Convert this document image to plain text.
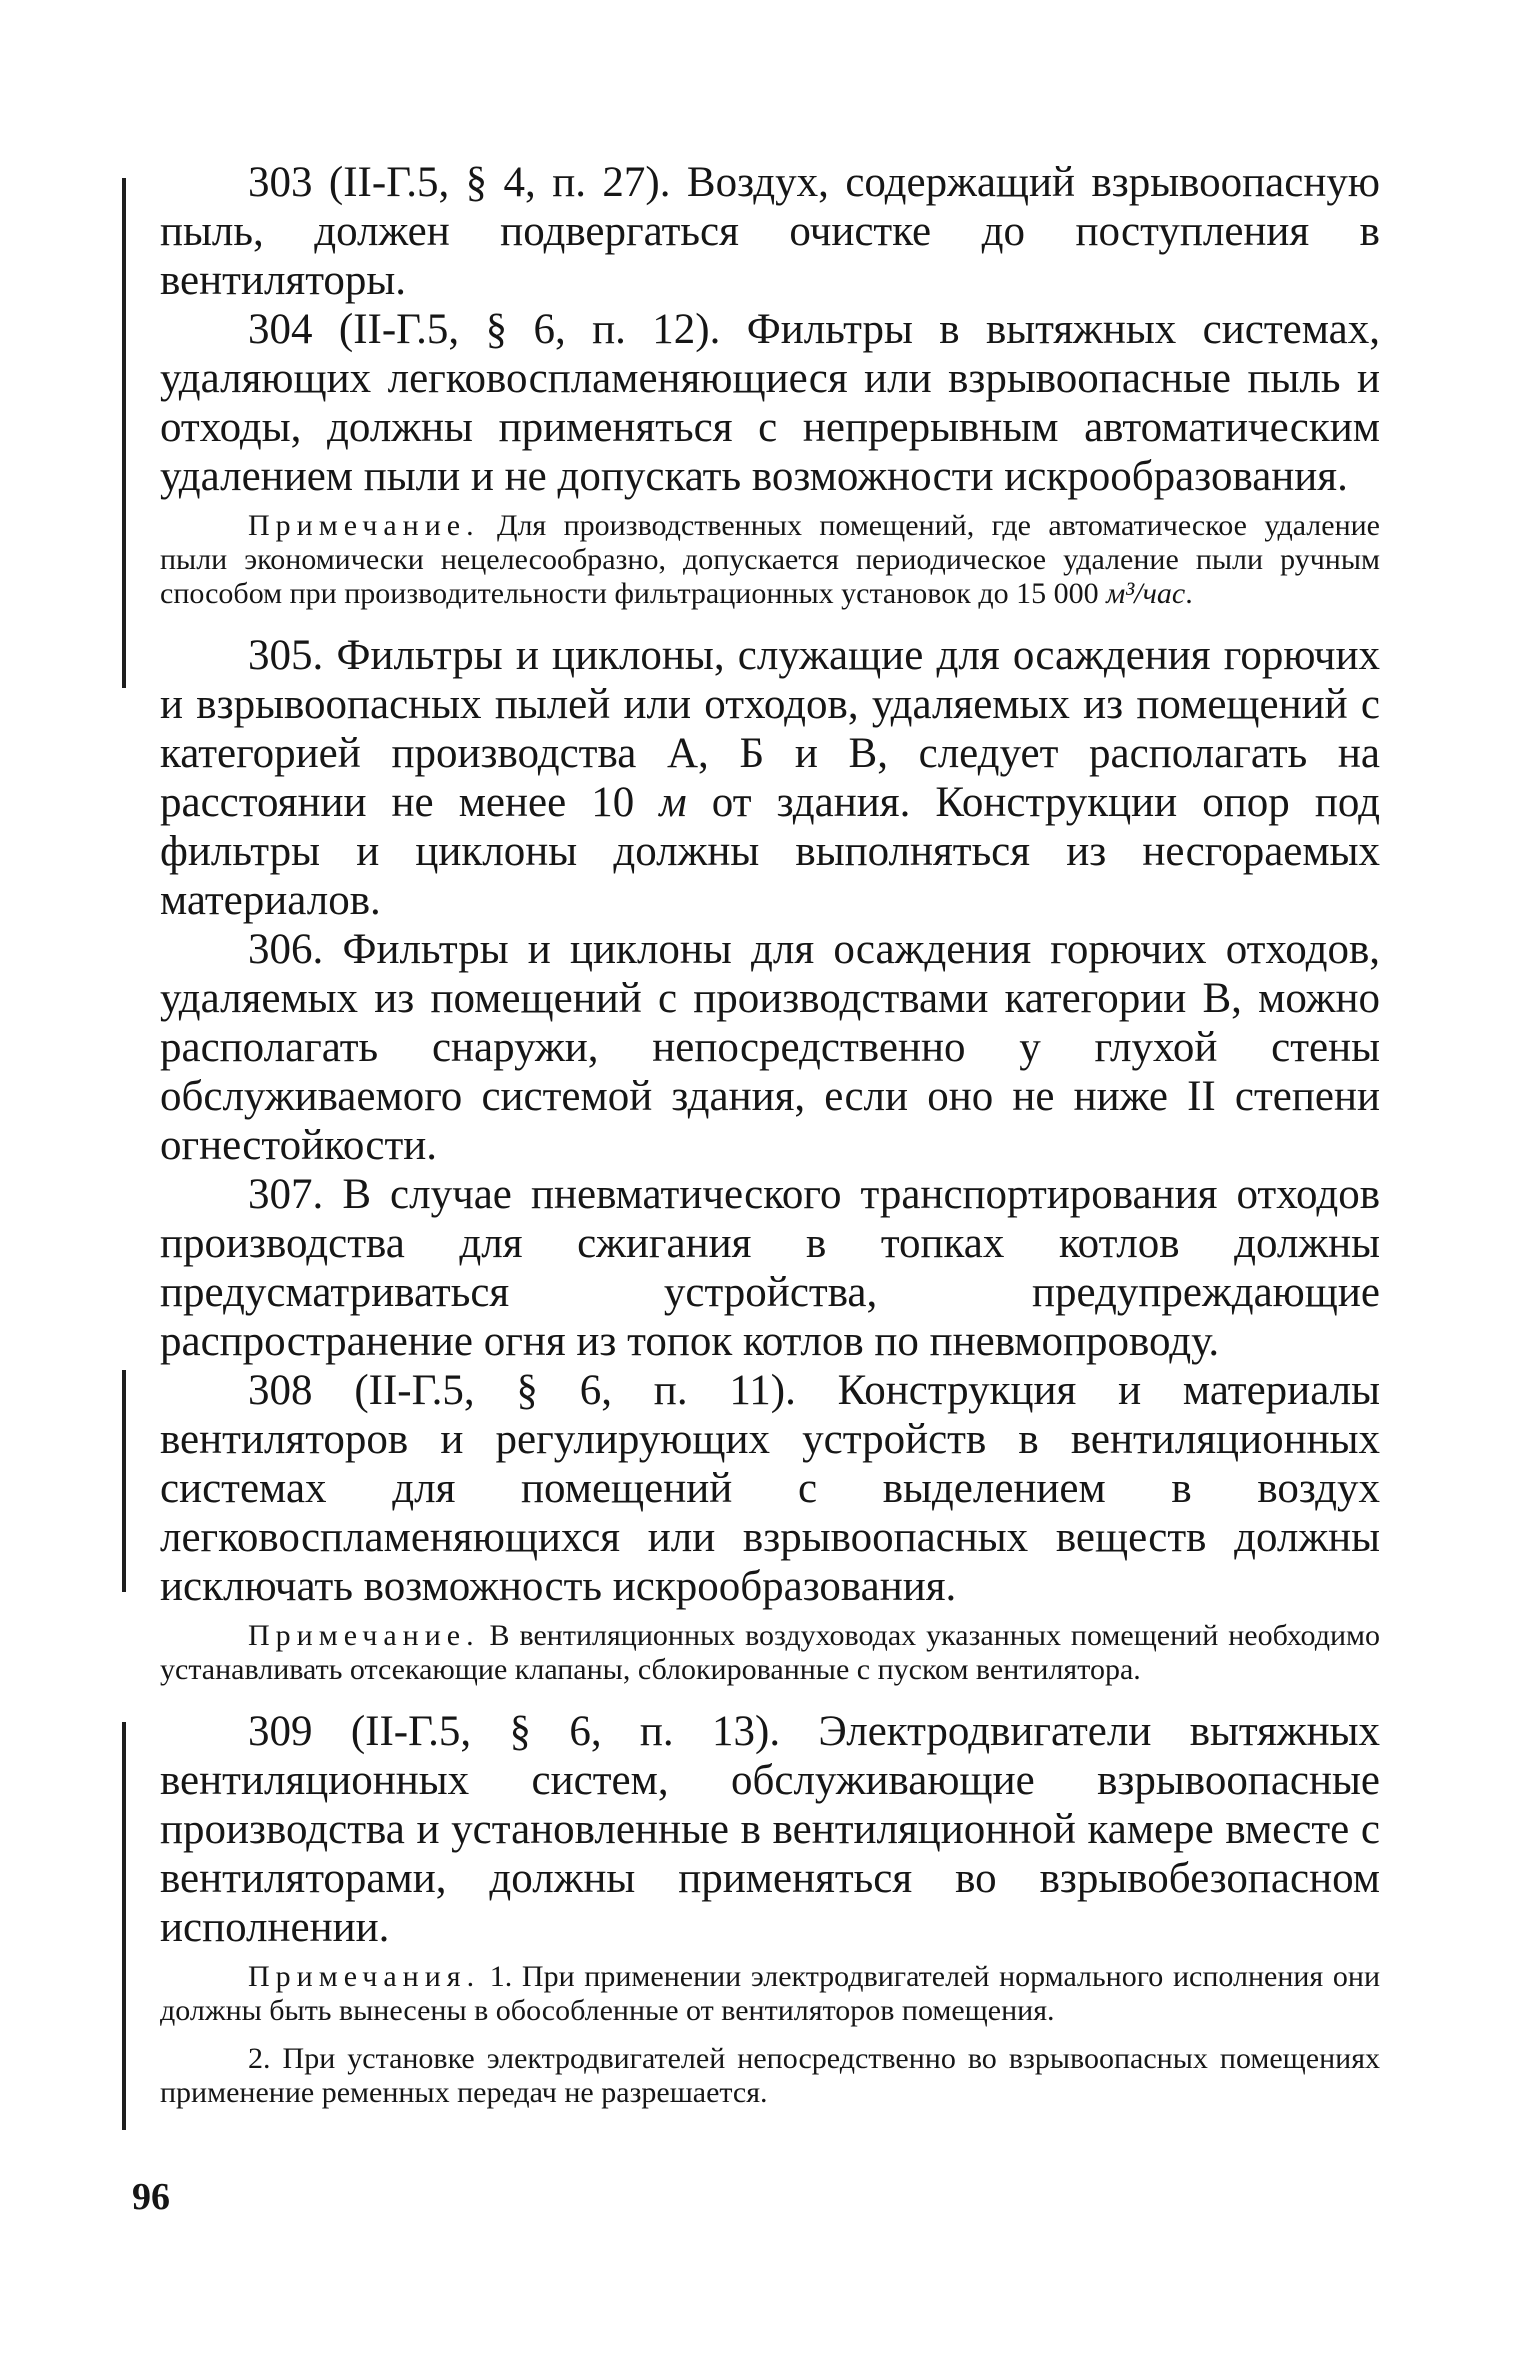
303 (II-Г.5, § 4, п. 27). Воздух, содержащий взрывоопасную пыль, должен подвергаться очистке до поступления в вентиляторы.

304 (II-Г.5, § 6, п. 12). Фильтры в вытяжных системах, удаляющих легковоспламеняющиеся или взрывоопасные пыль и отходы, должны применяться с непрерывным автоматическим удалением пыли и не допускать возможности искрообразования.

Примечание. Для производственных помещений, где автоматическое удаление пыли экономически нецелесообразно, допускается периодическое удаление пыли ручным способом при производительности фильтрационных установок до 15 000 м³/час.

305. Фильтры и циклоны, служащие для осаждения горючих и взрывоопасных пылей или отходов, удаляемых из помещений с категорией производства А, Б и В, следует располагать на расстоянии не менее 10 м от здания. Конструкции опор под фильтры и циклоны должны выполняться из несгораемых материалов.

306. Фильтры и циклоны для осаждения горючих отходов, удаляемых из помещений с производствами категории В, можно располагать снаружи, непосредственно у глухой стены обслуживаемого системой здания, если оно не ниже II степени огнестойкости.

307. В случае пневматического транспортирования отходов производства для сжигания в топках котлов должны предусматриваться устройства, предупреждающие распространение огня из топок котлов по пневмопроводу.

308 (II-Г.5, § 6, п. 11). Конструкция и материалы вентиляторов и регулирующих устройств в вентиляционных системах для помещений с выделением в воздух легковоспламеняющихся или взрывоопасных веществ должны исключать возможность искрообразования.

Примечание. В вентиляционных воздуховодах указанных помещений необходимо устанавливать отсекающие клапаны, сблокированные с пуском вентилятора.

309 (II-Г.5, § 6, п. 13). Электродвигатели вытяжных вентиляционных систем, обслуживающие взрывоопасные производства и установленные в вентиляционной камере вместе с вентиляторами, должны применяться во взрывобезопасном исполнении.

Примечания. 1. При применении электродвигателей нормального исполнения они должны быть вынесены в обособленные от вентиляторов помещения.

2. При установке электродвигателей непосредственно во взрывоопасных помещениях применение ременных передач не разрешается.

96
